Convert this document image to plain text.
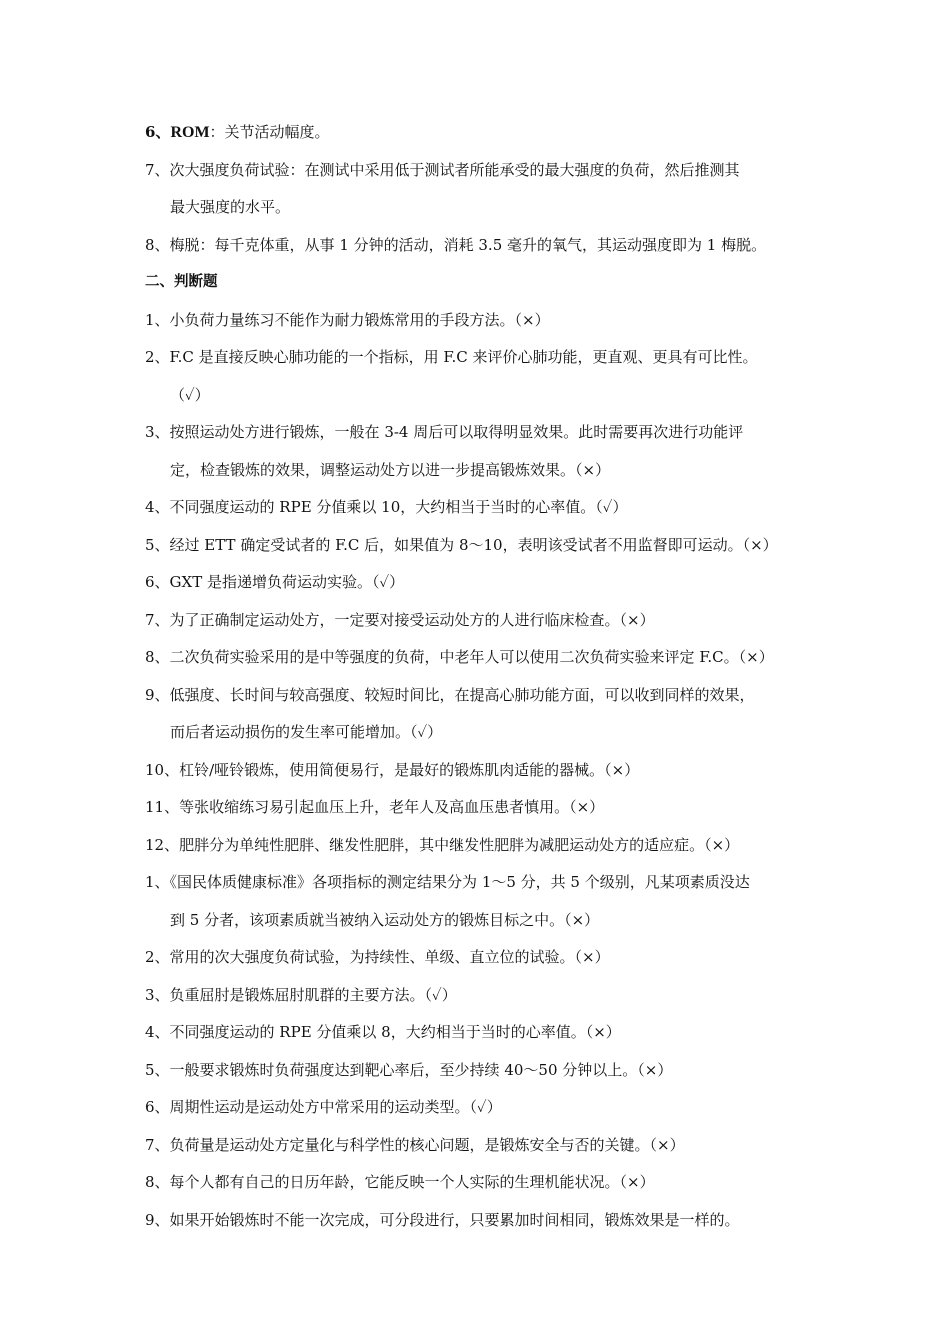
6、ROM：关节活动幅度。
7、次大强度负荷试验：在测试中采用低于测试者所能承受的最大强度的负荷，然后推测其
最大强度的水平。
8、梅脱：每千克体重，从事 1 分钟的活动，消耗 3.5 毫升的氧气，其运动强度即为 1 梅脱。
二、判断题
1、小负荷力量练习不能作为耐力锻炼常用的手段方法。（×）
2、F.C 是直接反映心肺功能的一个指标，用 F.C 来评价心肺功能，更直观、更具有可比性。
（✓）
3、按照运动处方进行锻炼，一般在 3-4 周后可以取得明显效果。此时需要再次进行功能评
定，检查锻炼的效果，调整运动处方以进一步提高锻炼效果。（×）
4、不同强度运动的 RPE 分值乘以 10，大约相当于当时的心率值。（✓）
5、经过 ETT 确定受试者的 F.C 后，如果值为 8～10，表明该受试者不用监督即可运动。（×）
6、GXT 是指递增负荷运动实验。（✓）
7、为了正确制定运动处方，一定要对接受运动处方的人进行临床检查。（×）
8、二次负荷实验采用的是中等强度的负荷，中老年人可以使用二次负荷实验来评定 F.C。（×）
9、低强度、长时间与较高强度、较短时间比，在提高心肺功能方面，可以收到同样的效果，
而后者运动损伤的发生率可能增加。（✓）
10、杠铃/哑铃锻炼，使用简便易行，是最好的锻炼肌肉适能的器械。（×）
11、等张收缩练习易引起血压上升，老年人及高血压患者慎用。（×）
12、肥胖分为单纯性肥胖、继发性肥胖，其中继发性肥胖为减肥运动处方的适应症。（×）
1、《国民体质健康标准》各项指标的测定结果分为 1～5 分，共 5 个级别，凡某项素质没达
到 5 分者，该项素质就当被纳入运动处方的锻炼目标之中。（×）
2、常用的次大强度负荷试验，为持续性、单级、直立位的试验。（×）
3、负重屈肘是锻炼屈肘肌群的主要方法。（✓）
4、不同强度运动的 RPE 分值乘以 8，大约相当于当时的心率值。（×）
5、一般要求锻炼时负荷强度达到靶心率后，至少持续 40～50 分钟以上。（×）
6、周期性运动是运动处方中常采用的运动类型。（✓）
7、负荷量是运动处方定量化与科学性的核心问题，是锻炼安全与否的关键。（×）
8、每个人都有自己的日历年龄，它能反映一个人实际的生理机能状况。（×）
9、如果开始锻炼时不能一次完成，可分段进行，只要累加时间相同，锻炼效果是一样的。
